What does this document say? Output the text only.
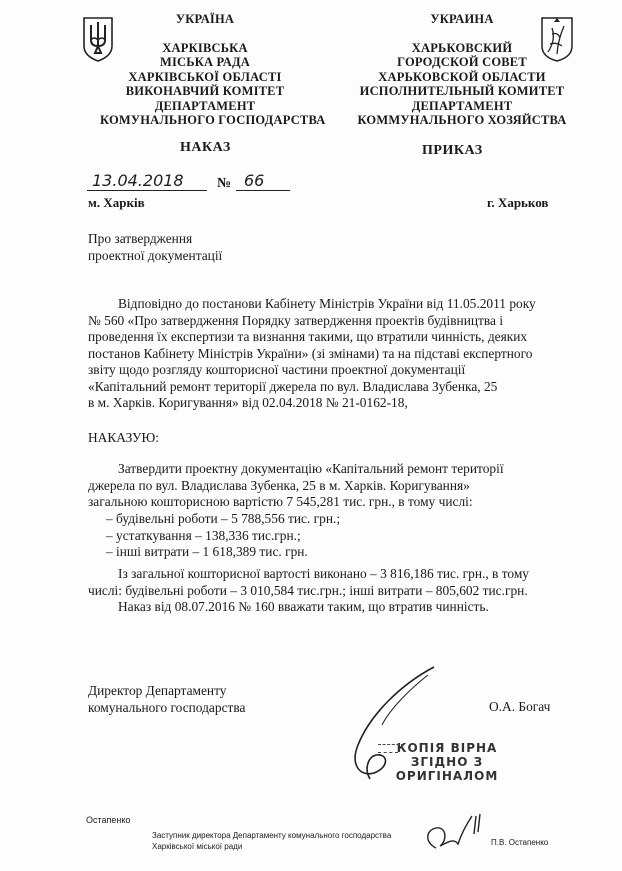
УКРАЇНА
ХАРКІВСЬКА
МІСЬКА РАДА
ХАРКІВСЬКОЇ ОБЛАСТІ
ВИКОНАВЧИЙ КОМІТЕТ
ДЕПАРТАМЕНТ
КОМУНАЛЬНОГО ГОСПОДАРСТВА
УКРАИНА
ХАРЬКОВСКИЙ
ГОРОДСКОЙ СОВЕТ
ХАРЬКОВСКОЙ ОБЛАСТИ
ИСПОЛНИТЕЛЬНЫЙ КОМИТЕТ
ДЕПАРТАМЕНТ
КОММУНАЛЬНОГО ХОЗЯЙСТВА
НАКАЗ	ПРИКАЗ
13.04.2018 № 66
м. Харків	г. Харьков
Про затвердження
проектної документації
Відповідно до постанови Кабінету Міністрів України від 11.05.2011 року
№ 560 «Про затвердження Порядку затвердження проектів будівництва і
проведення їх експертизи та визнання такими, що втратили чинність, деяких
постанов Кабінету Міністрів України» (зі змінами) та на підставі експертного
звіту щодо розгляду кошторисної частини проектної документації
«Капітальний ремонт території джерела по вул. Владислава Зубенка, 25
в м. Харків. Коригування» від 02.04.2018 № 21-0162-18,
НАКАЗУЮ:
Затвердити проектну документацію «Капітальний ремонт території
джерела по вул. Владислава Зубенка, 25 в м. Харків. Коригування»
загальною кошторисною вартістю 7 545,281 тис. грн., в тому числі:
– будівельні роботи – 5 788,556 тис. грн.;
– устаткування – 138,336 тис.грн.;
– інші витрати – 1 618,389 тис. грн.
Із загальної кошторисної вартості виконано – 3 816,186 тис. грн., в тому
числі: будівельні роботи – 3 010,584 тис.грн.; інші витрати – 805,602 тис.грн.
Наказ від 08.07.2016 № 160 вважати таким, що втратив чинність.
Директор Департаменту
комунального господарства	О.А. Богач
КОПІЯ ВІРНА
ЗГІДНО З
ОРИГІНАЛОМ
Остапенко
Заступник директора Департаменту комунального господарства
Харківської міської ради	П.В. Остапенко
